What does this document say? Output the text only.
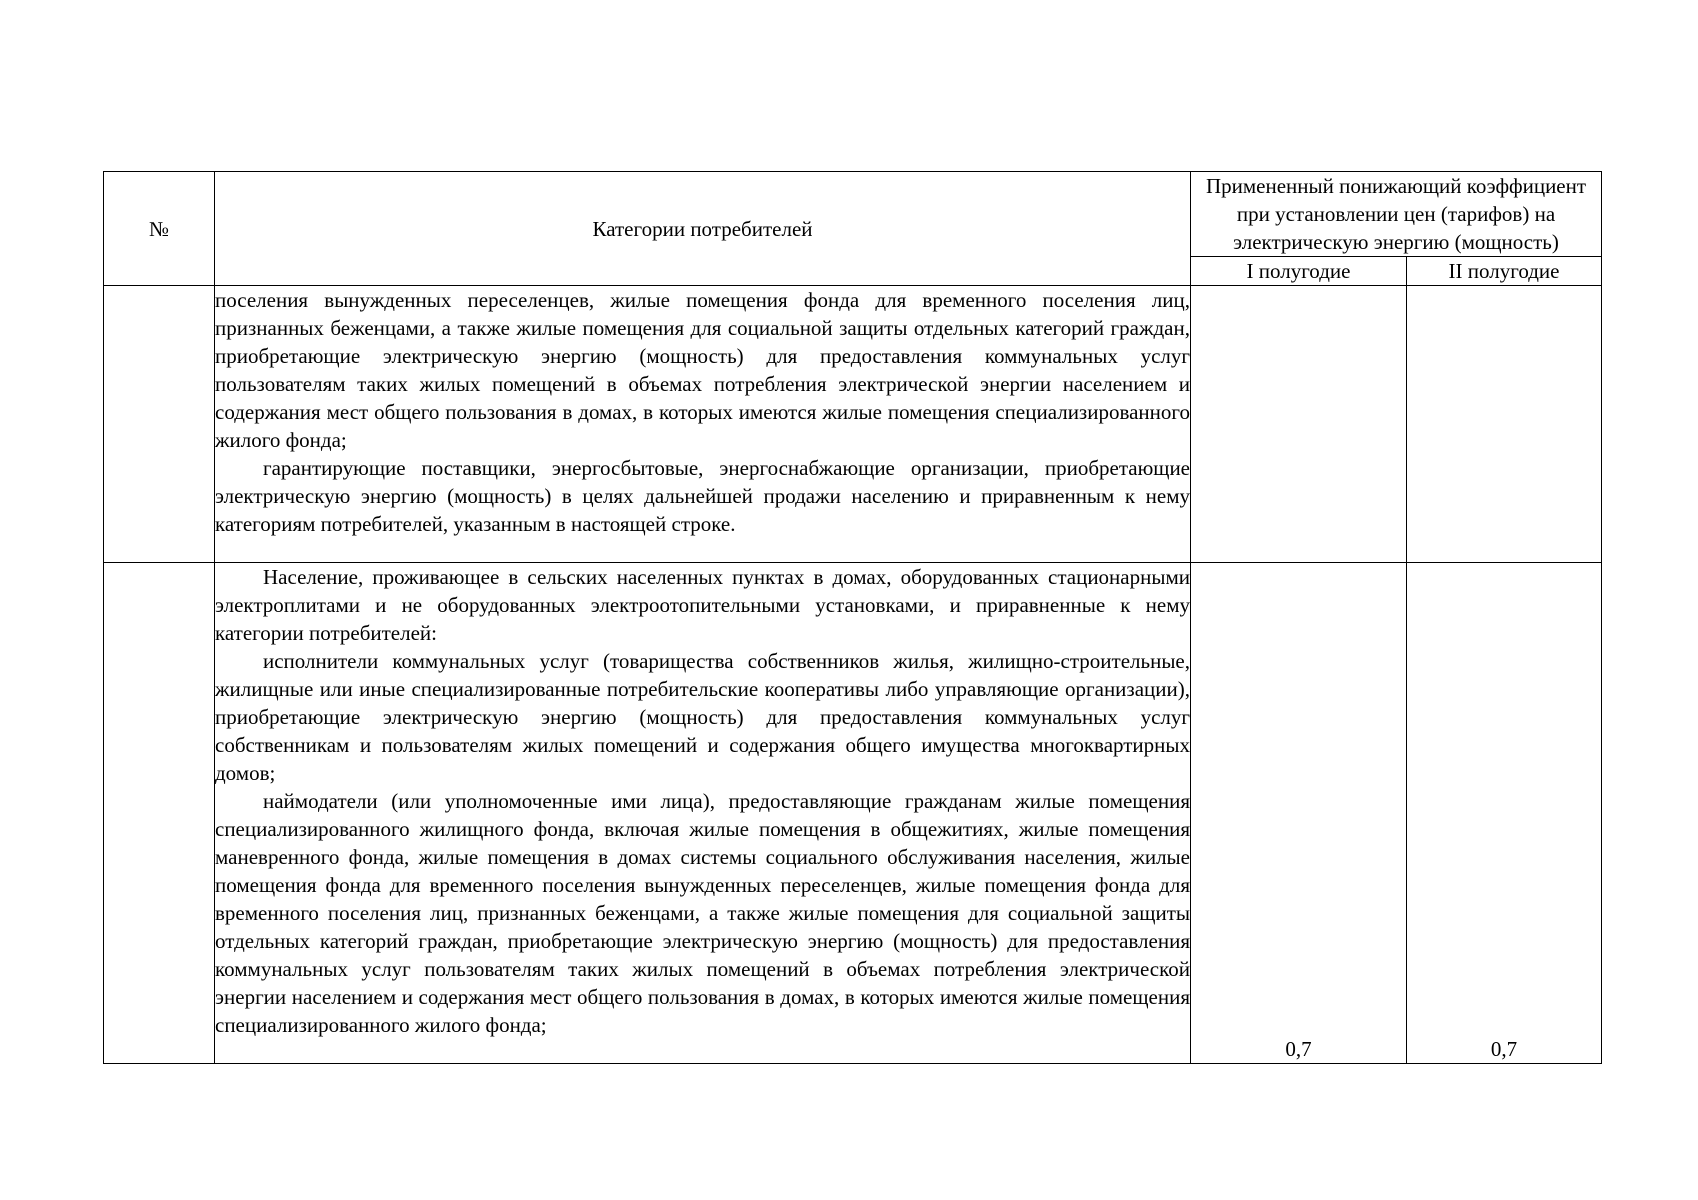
№	Категории потребителей	Примененный понижающий коэффициент при установлении цен (тарифов) на электрическую энергию (мощность)	
		I полугодие	II полугодие

	поселения вынужденных переселенцев, жилые помещения фонда для временного поселения лиц, признанных беженцами, а также жилые помещения для социальной защиты отдельных категорий граждан, приобретающие электрическую энергию (мощность) для предоставления коммунальных услуг пользователям таких жилых помещений в объемах потребления электрической энергии населением и содержания мест общего пользования в домах, в которых имеются жилые помещения специализированного жилого фонда;

гарантирующие поставщики, энергосбытовые, энергоснабжающие организации, приобретающие электрическую энергию (мощность) в целях дальнейшей продажи населению и приравненным к нему категориям потребителей, указанным в настоящей строке.		

	Население, проживающее в сельских населенных пунктах в домах, оборудованных стационарными электроплитами и не оборудованных электроотопительными установками, и приравненные к нему категории потребителей:

исполнители коммунальных услуг (товарищества собственников жилья, жилищно-строительные, жилищные или иные специализированные потребительские кооперативы либо управляющие организации), приобретающие электрическую энергию (мощность) для предоставления коммунальных услуг собственникам и пользователям жилых помещений и содержания общего имущества многоквартирных домов;

наймодатели (или уполномоченные ими лица), предоставляющие гражданам жилые помещения специализированного жилищного фонда, включая жилые помещения в общежитиях, жилые помещения маневренного фонда, жилые помещения в домах системы социального обслуживания населения, жилые помещения фонда для временного поселения вынужденных переселенцев, жилые помещения фонда для временного поселения лиц, признанных беженцами, а также жилые помещения для социальной защиты отдельных категорий граждан, приобретающие электрическую энергию (мощность) для предоставления коммунальных услуг пользователям таких жилых помещений в объемах потребления электрической энергии населением и содержания мест общего пользования в домах, в которых имеются жилые помещения специализированного жилого фонда;	0,7	0,7
